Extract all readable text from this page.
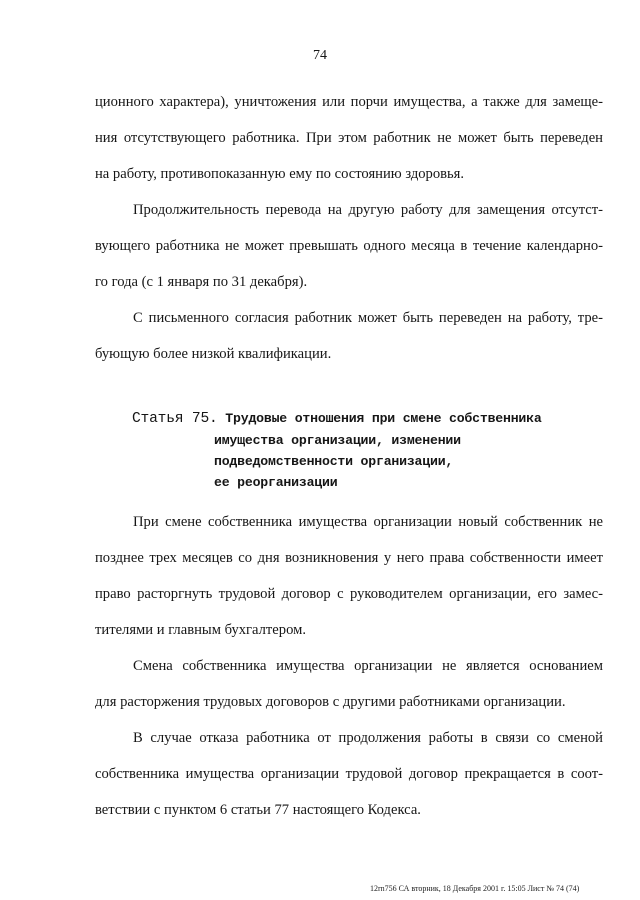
74

ционного характера), уничтожения или порчи имущества, а также для замеще-
ния отсутствующего работника. При этом работник не может быть переведен
на работу, противопоказанную ему по состоянию здоровья.

Продолжительность перевода на другую работу для замещения отсутст-
вующего работника не может превышать одного месяца в течение календарно-
го года (с 1 января по 31 декабря).

С письменного согласия работник может быть переведен на работу, тре-
бующую более низкой квалификации.

Статья 75. Трудовые отношения при смене собственника
имущества организации, изменении
подведомственности организации,
ее реорганизации

При смене собственника имущества организации новый собственник не
позднее трех месяцев со дня возникновения у него права собственности имеет
право расторгнуть трудовой договор с руководителем организации, его замес-
тителями и главным бухгалтером.

Смена собственника имущества организации не является основанием
для расторжения трудовых договоров с другими работниками организации.

В случае отказа работника от продолжения работы в связи со сменой
собственника имущества организации трудовой договор прекращается в соот-
ветствии с пунктом 6 статьи 77 настоящего Кодекса.

12rn756 СА вторник, 18 Декабря 2001 г. 15:05 Лист № 74 (74)
